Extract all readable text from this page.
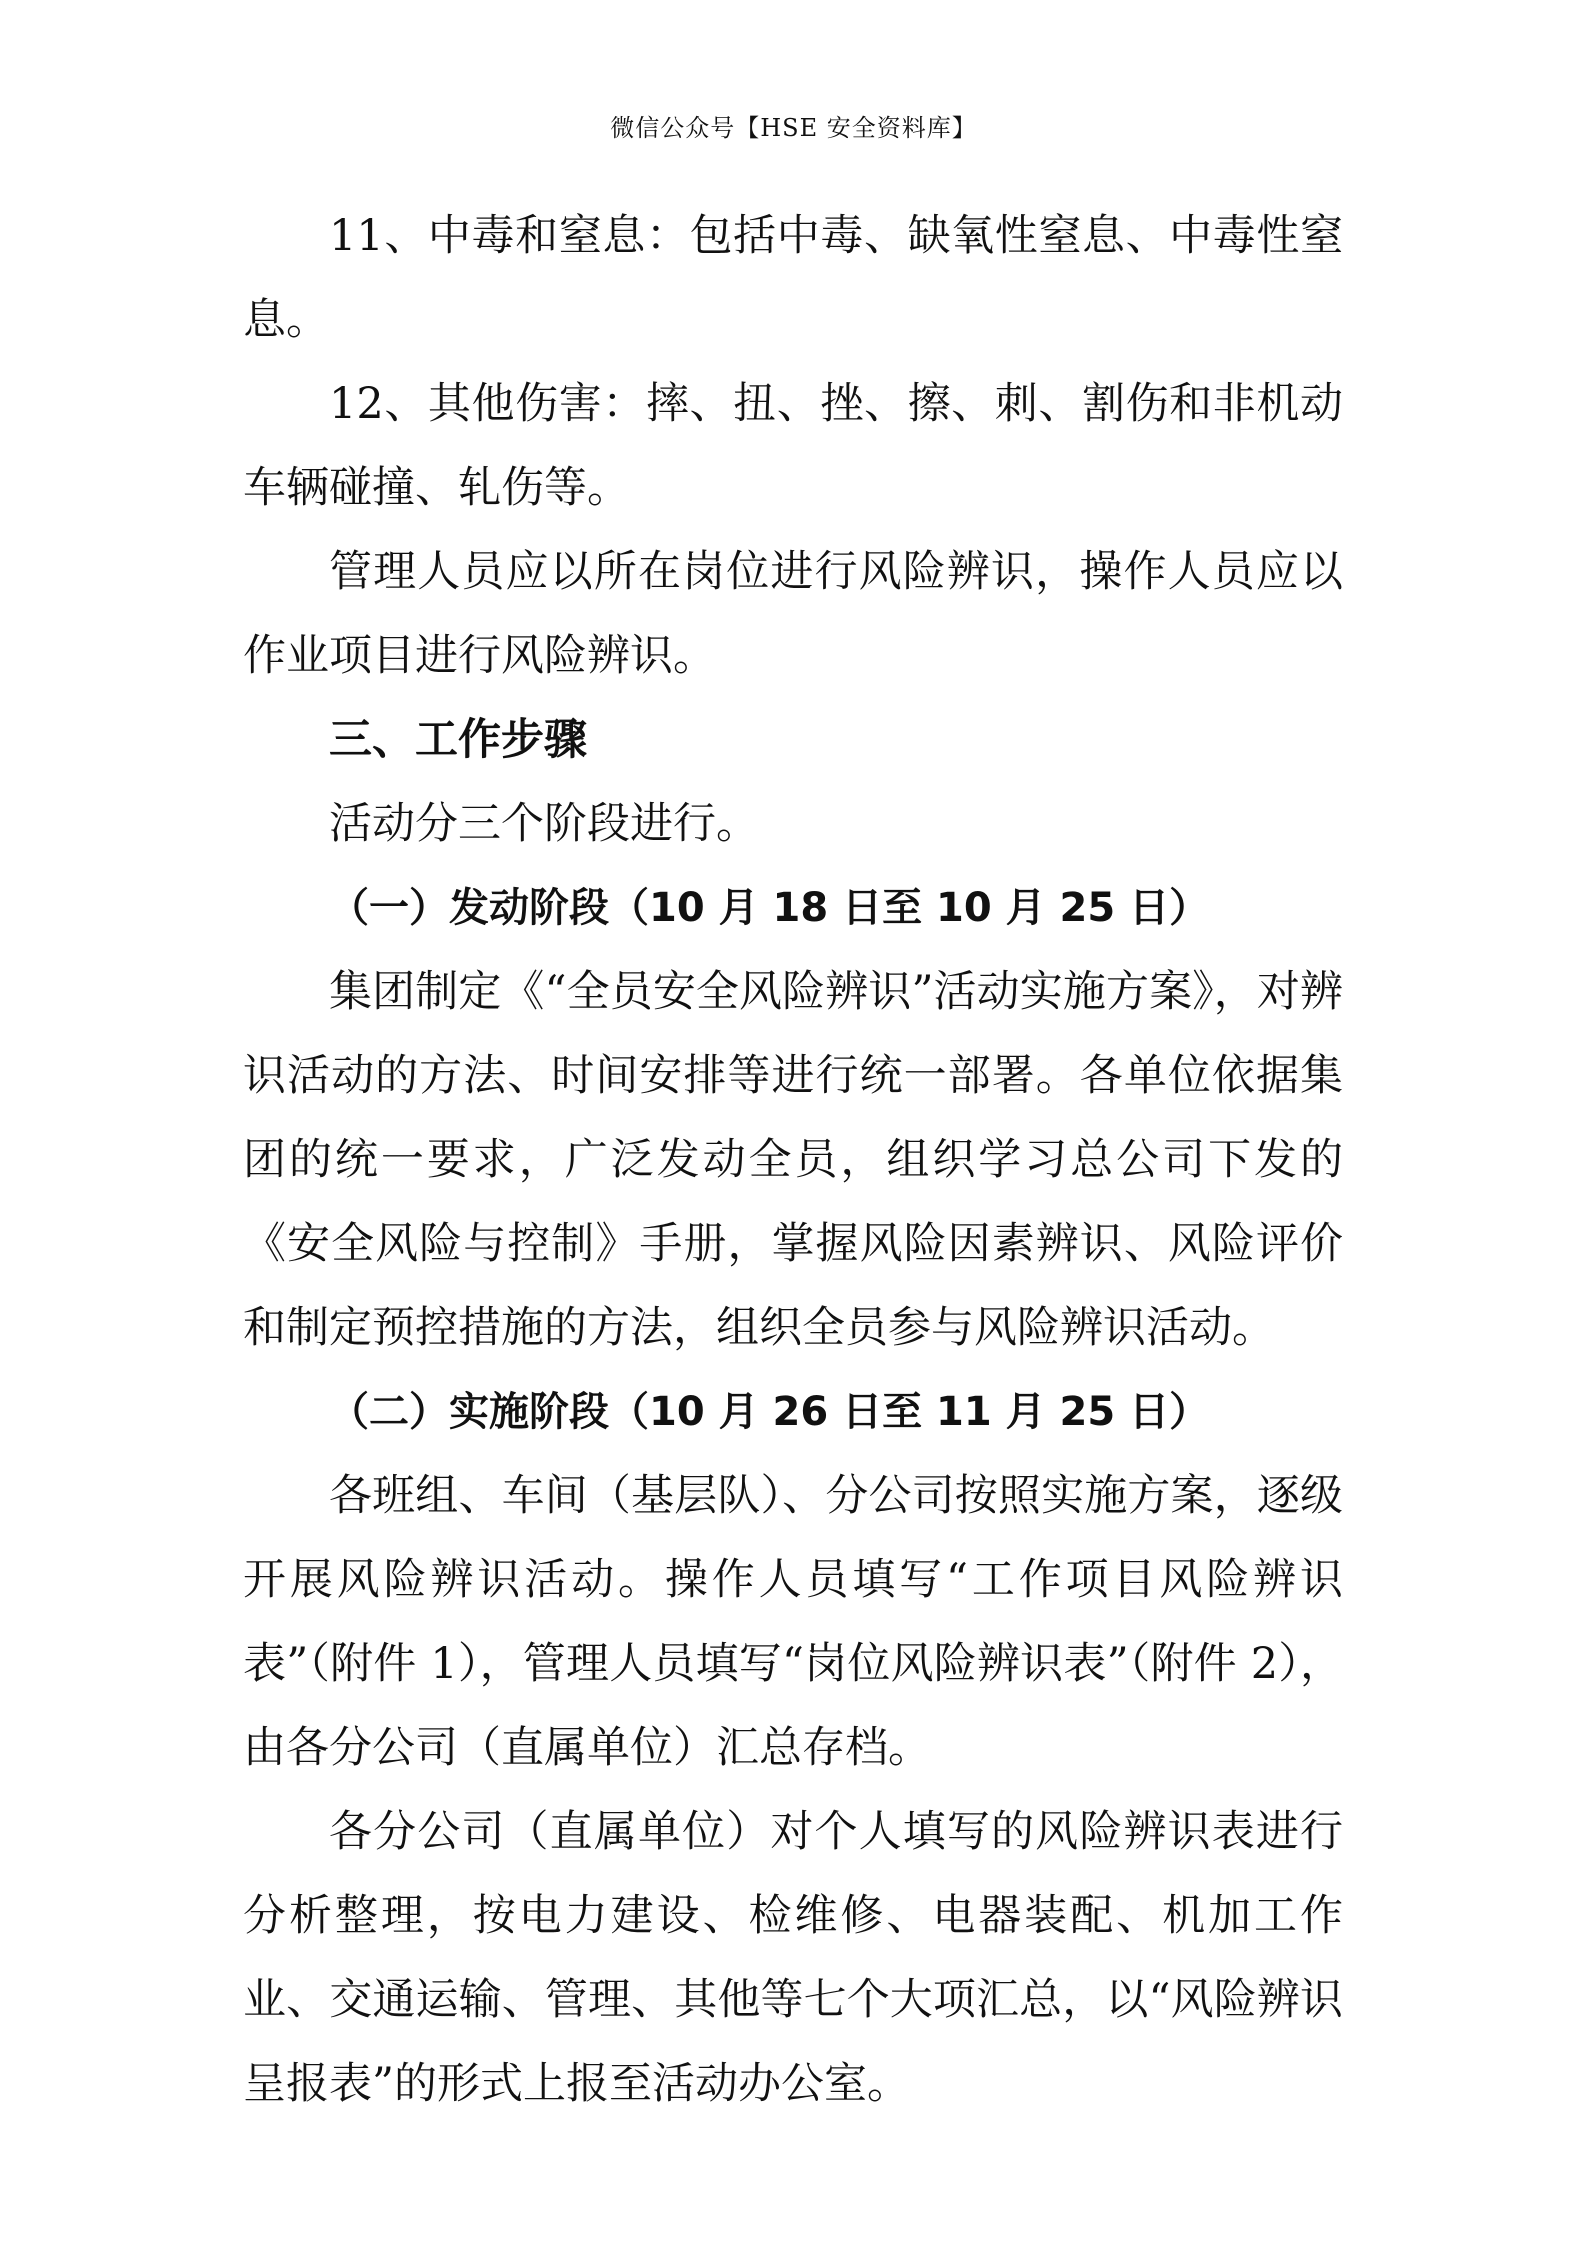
微信公众号【HSE 安全资料库】

11、中毒和窒息：包括中毒、缺氧性窒息、中毒性窒息。

12、其他伤害：摔、扭、挫、擦、刺、割伤和非机动车辆碰撞、轧伤等。

管理人员应以所在岗位进行风险辨识，操作人员应以作业项目进行风险辨识。

三、工作步骤

活动分三个阶段进行。

（一）发动阶段（10 月 18 日至 10 月 25 日）

集团制定《“全员安全风险辨识”活动实施方案》，对辨识活动的方法、时间安排等进行统一部署。各单位依据集团的统一要求，广泛发动全员，组织学习总公司下发的《安全风险与控制》手册，掌握风险因素辨识、风险评价和制定预控措施的方法，组织全员参与风险辨识活动。

（二）实施阶段（10 月 26 日至 11 月 25 日）

各班组、车间（基层队）、分公司按照实施方案，逐级开展风险辨识活动。操作人员填写“工作项目风险辨识表”（附件 1），管理人员填写“岗位风险辨识表”（附件 2），由各分公司（直属单位）汇总存档。

各分公司（直属单位）对个人填写的风险辨识表进行分析整理，按电力建设、检维修、电器装配、机加工作业、交通运输、管理、其他等七个大项汇总，以“风险辨识呈报表”的形式上报至活动办公室。
